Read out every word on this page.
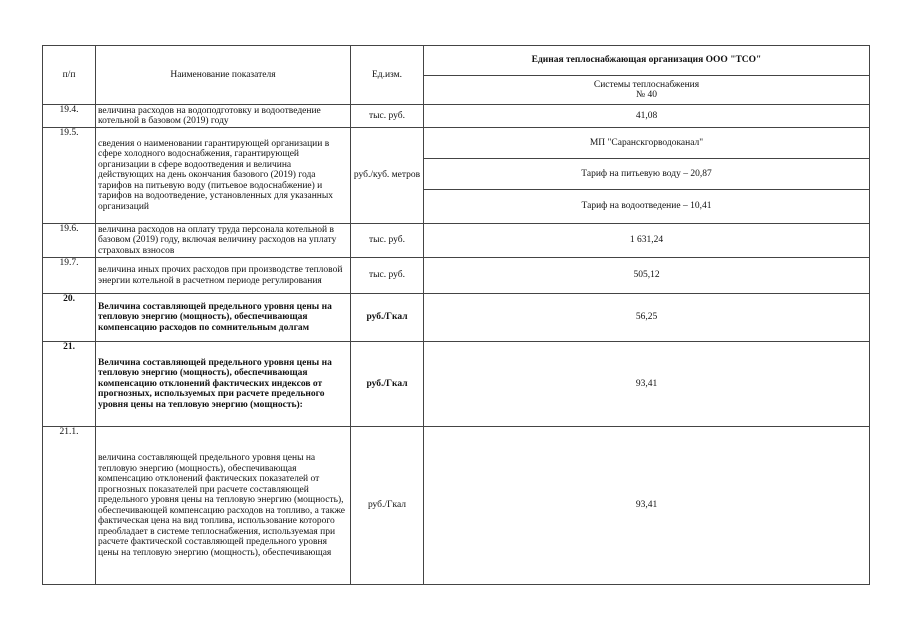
п/п	Наименование показателя	Ед.изм.	Единая теплоснабжающая организация ООО "ТСО"
			Системы теплоснабжения
№ 40
19.4.	величина расходов на водоподготовку и водоотведение котельной в базовом (2019) году	тыс. руб.	41,08
19.5.	сведения о наименовании гарантирующей организации в сфере холодного водоснабжения, гарантирующей организации в сфере водоотведения и величина действующих на день окончания базового (2019) года тарифов на питьевую воду (питьевое водоснабжение) и тарифов на водоотведение, установленных для указанных организаций	руб./куб. метров	МП "Саранскгорводоканал"
			Тариф на питьевую воду – 20,87
			Тариф на водоотведение – 10,41
19.6.	величина расходов на оплату труда персонала котельной в базовом (2019) году, включая величину расходов на уплату страховых взносов	тыс. руб.	1 631,24
19.7.	величина иных прочих расходов при производстве тепловой энергии котельной в расчетном периоде регулирования	тыс. руб.	505,12
20.	Величина составляющей предельного уровня цены на тепловую энергию (мощность), обеспечивающая компенсацию расходов по сомнительным долгам	руб./Гкал	56,25
21.	Величина составляющей предельного уровня цены на тепловую энергию (мощность), обеспечивающая компенсацию отклонений фактических индексов от прогнозных, используемых при расчете предельного уровня цены на тепловую энергию (мощность):	руб./Гкал	93,41
21.1.	величина составляющей предельного уровня цены на тепловую энергию (мощность), обеспечивающая компенсацию отклонений фактических показателей от прогнозных показателей при расчете составляющей предельного уровня цены на тепловую энергию (мощность), обеспечивающей компенсацию расходов на топливо, а также фактическая цена на вид топлива, использование которого преобладает в системе теплоснабжения, используемая при расчете фактической составляющей предельного уровня цены на тепловую энергию (мощность), обеспечивающая	руб./Гкал	93,41
